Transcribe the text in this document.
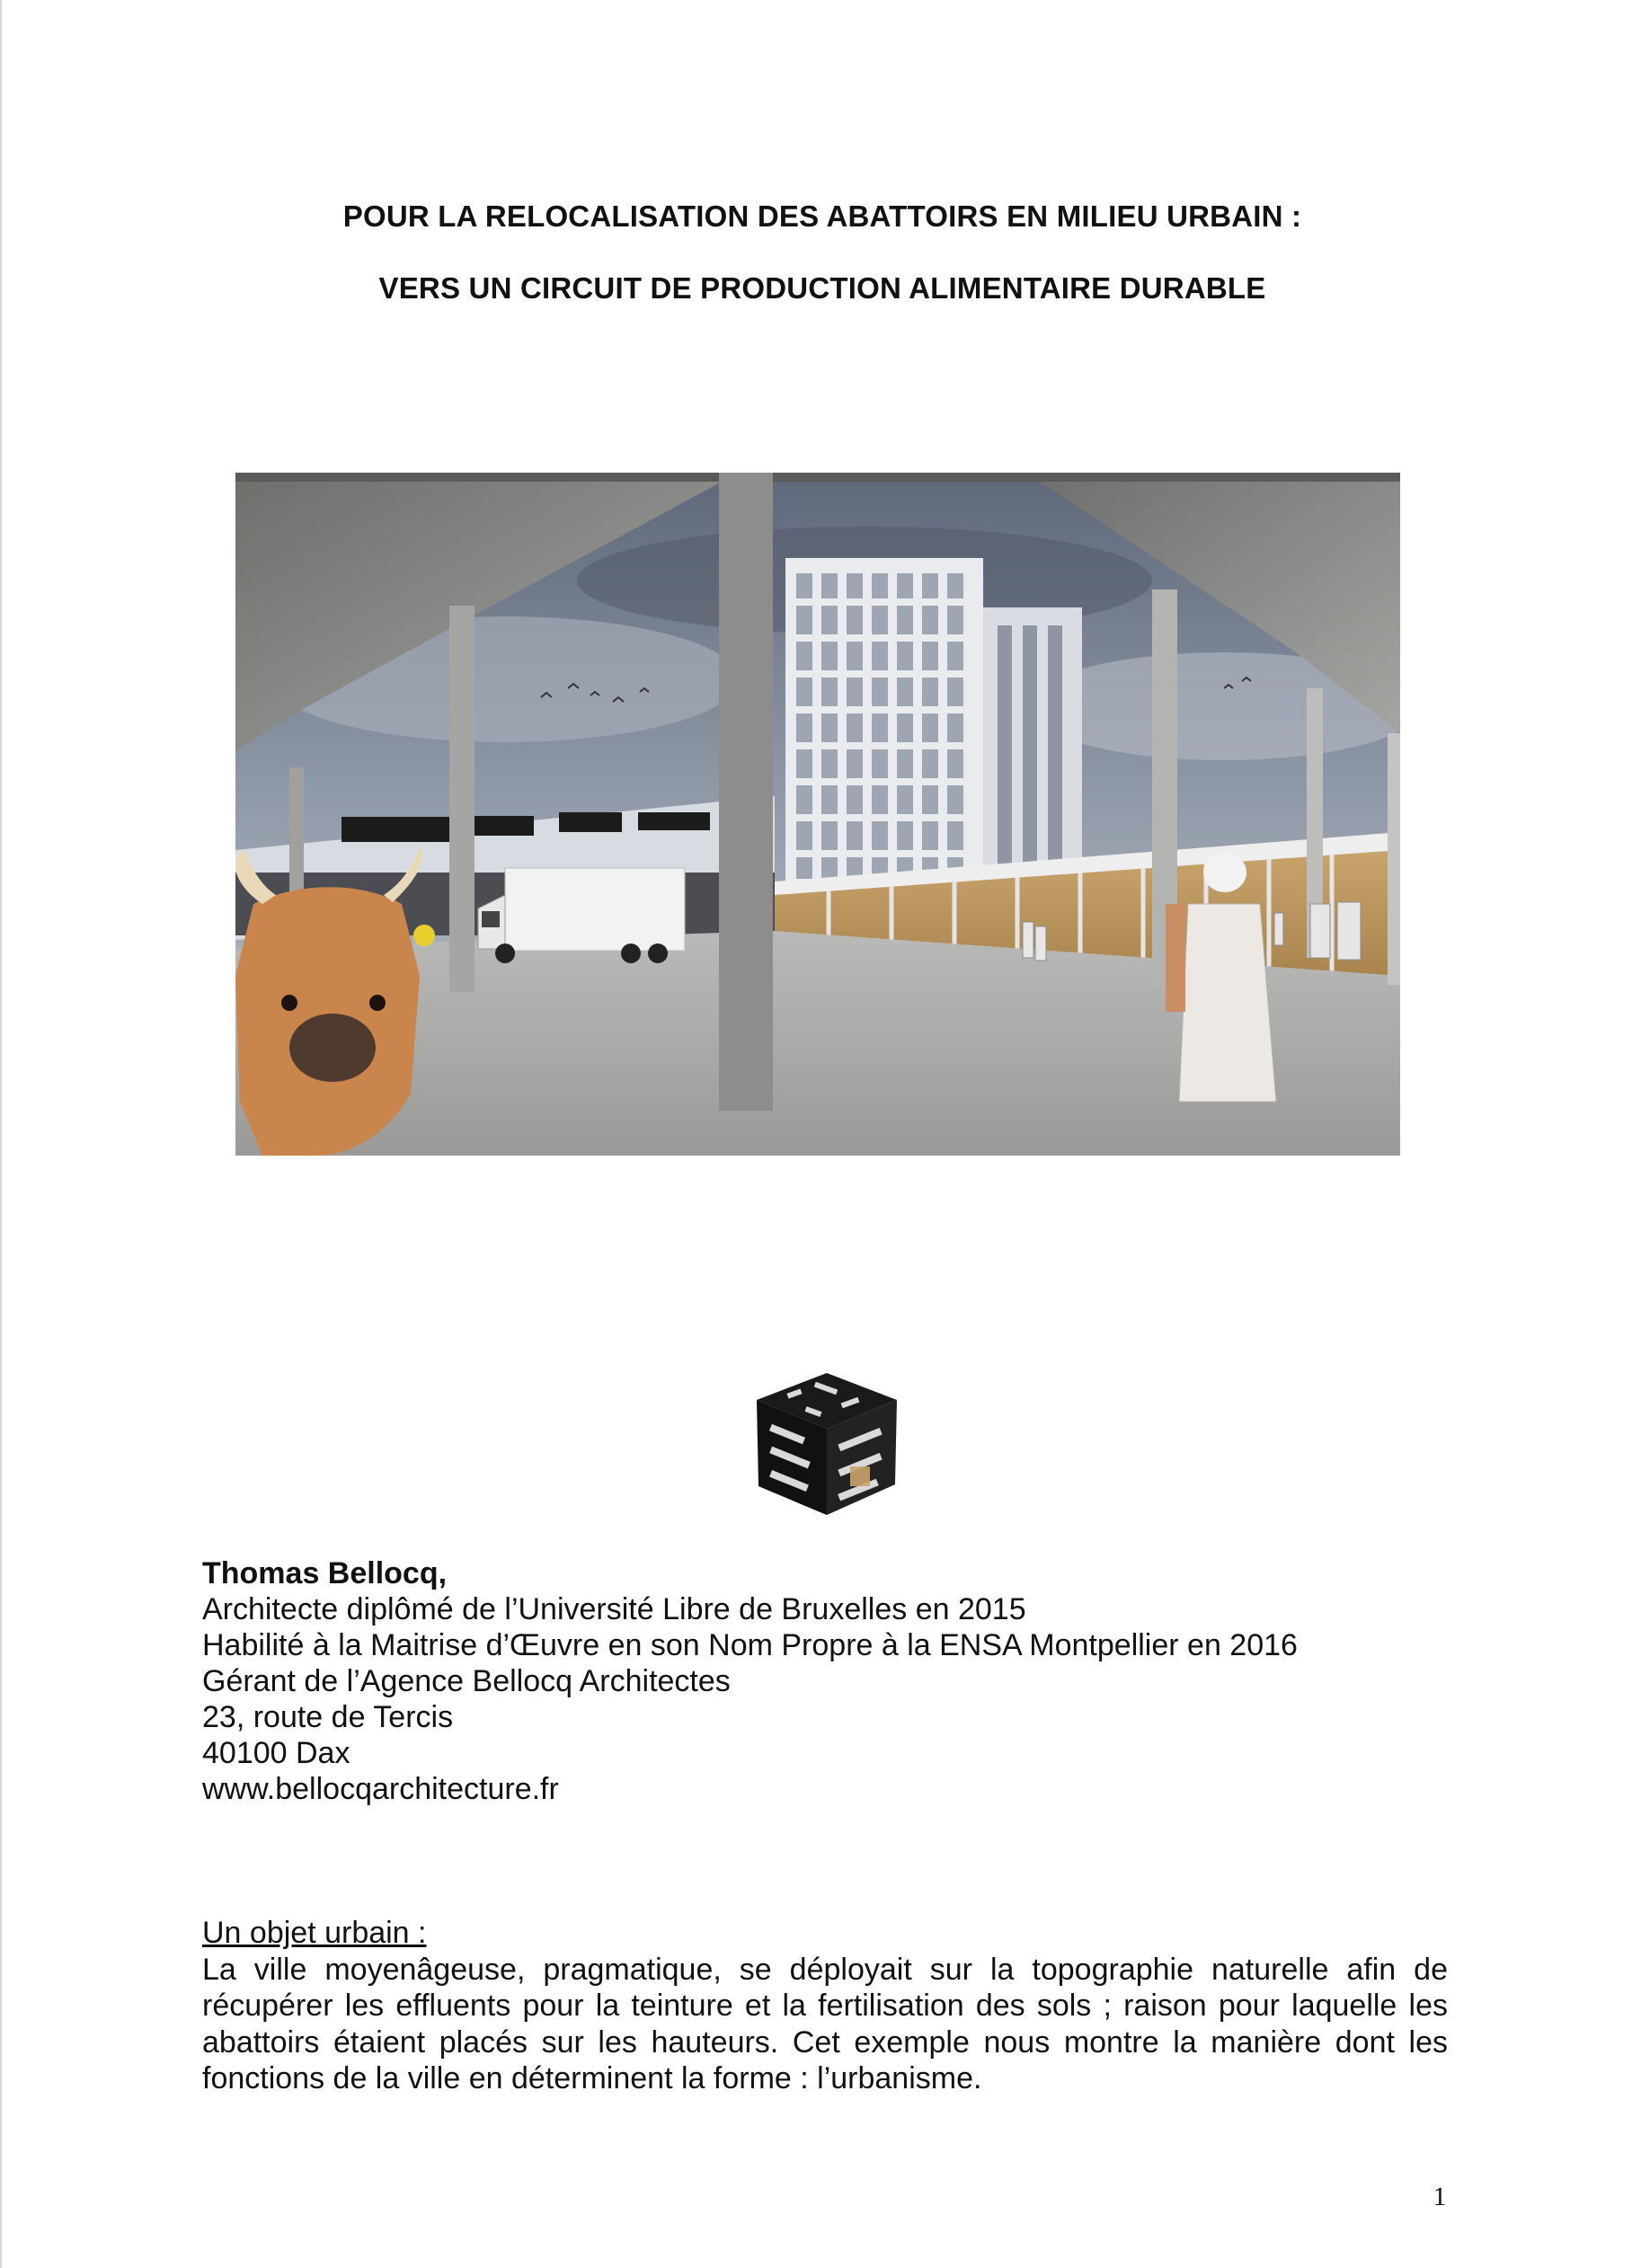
POUR LA RELOCALISATION DES ABATTOIRS EN MILIEU URBAIN :
VERS UN CIRCUIT DE PRODUCTION ALIMENTAIRE DURABLE
Thomas Bellocq,
Architecte diplômé de l’Université Libre de Bruxelles en 2015
Habilité à la Maitrise d’Œuvre en son Nom Propre à la ENSA Montpellier en 2016
Gérant de l’Agence Bellocq Architectes
23, route de Tercis
40100 Dax
www.bellocqarchitecture.fr
Un objet urbain :
La ville moyenâgeuse, pragmatique, se déployait sur la topographie naturelle afin de récupérer les effluents pour la teinture et la fertilisation des sols ; raison pour laquelle les abattoirs étaient placés sur les hauteurs. Cet exemple nous montre la manière dont les fonctions de la ville en déterminent la forme : l’urbanisme.
1
